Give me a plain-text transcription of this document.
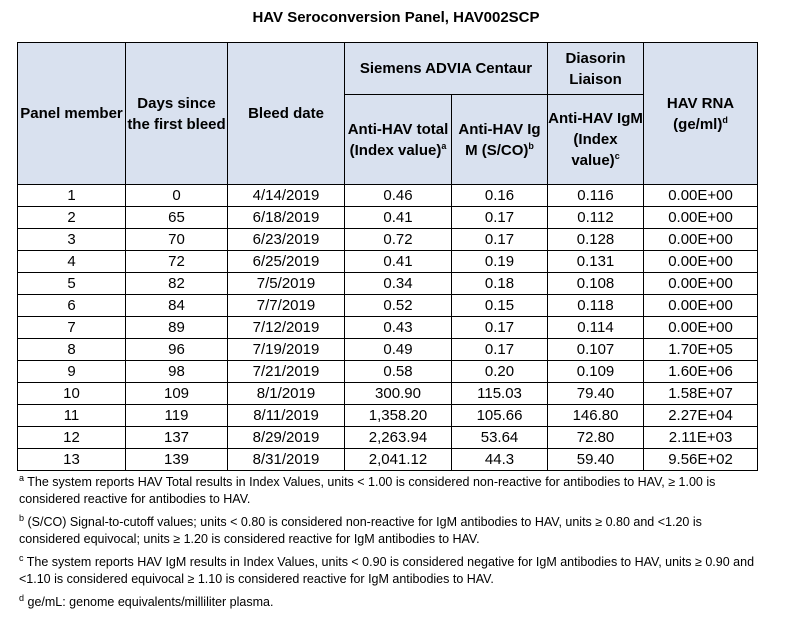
HAV Seroconversion Panel, HAV002SCP
Panel member	Days since the first bleed	Bleed date	Siemens ADVIA Centaur		Diasorin Liaison	HAV RNA $(ge/ml)^d$
			Anti-HAV total (Index value)$^a$	Anti-HAV Ig M $(S/CO)^b$	Anti-HAV IgM (Index value)$^c$
1	0	4/14/2019	0.46	0.16	0.116	0.00E+00
2	65	6/18/2019	0.41	0.17	0.112	0.00E+00
3	70	6/23/2019	0.72	0.17	0.128	0.00E+00
4	72	6/25/2019	0.41	0.19	0.131	0.00E+00
5	82	7/5/2019	0.34	0.18	0.108	0.00E+00
6	84	7/7/2019	0.52	0.15	0.118	0.00E+00
7	89	7/12/2019	0.43	0.17	0.114	0.00E+00
8	96	7/19/2019	0.49	0.17	0.107	1.70E+05
9	98	7/21/2019	0.58	0.20	0.109	1.60E+06
10	109	8/1/2019	300.90	115.03	79.40	1.58E+07
11	119	8/11/2019	1,358.20	105.66	146.80	2.27E+04
12	137	8/29/2019	2,263.94	53.64	72.80	2.11E+03
13	139	8/31/2019	2,041.12	44.3	59.40	9.56E+02

$^a$ The system reports HAV Total results in Index Values, units < 1.00 is considered non-reactive for antibodies to HAV, ≥ 1.00 is considered reactive for antibodies to HAV.

$^b$ (S/CO) Signal-to-cutoff values; units < 0.80 is considered non-reactive for IgM antibodies to HAV, units ≥ 0.80 and <1.20 is considered equivocal; units ≥ 1.20 is considered reactive for IgM antibodies to HAV.

$^c$ The system reports HAV IgM results in Index Values, units < 0.90 is considered negative for IgM antibodies to HAV, units ≥ 0.90 and <1.10 is considered equivocal ≥ 1.10 is considered reactive for IgM antibodies to HAV.

$^d$ ge/mL: genome equivalents/milliliter plasma.
